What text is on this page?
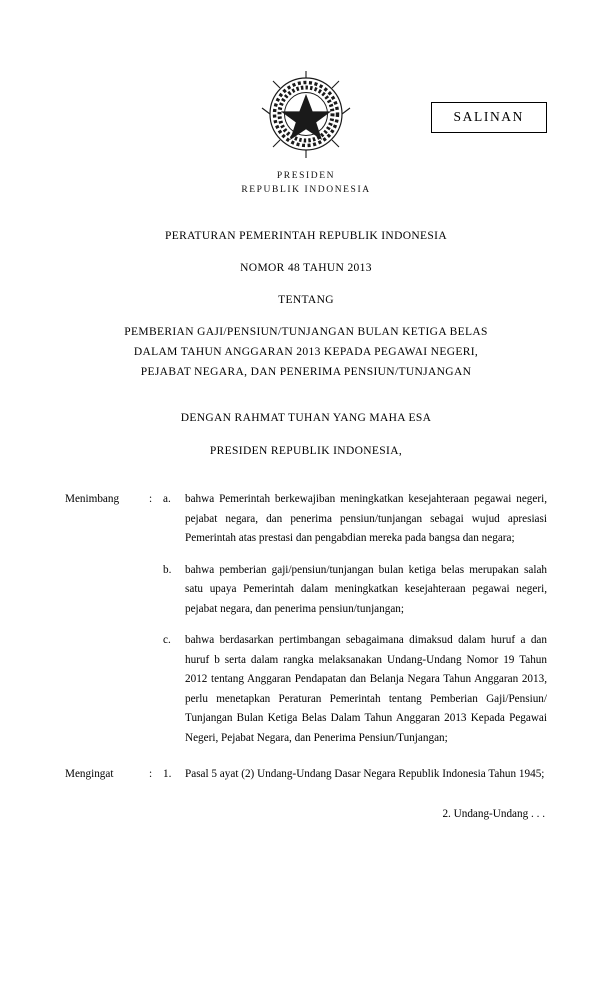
PRESIDEN
REPUBLIK INDONESIA
SALINAN
PERATURAN PEMERINTAH REPUBLIK INDONESIA
NOMOR 48 TAHUN 2013
TENTANG
PEMBERIAN GAJI/PENSIUN/TUNJANGAN BULAN KETIGA BELAS
DALAM TAHUN ANGGARAN 2013 KEPADA PEGAWAI NEGERI,
PEJABAT NEGARA, DAN PENERIMA PENSIUN/TUNJANGAN
DENGAN RAHMAT TUHAN YANG MAHA ESA
PRESIDEN REPUBLIK INDONESIA,
Menimbang	: a.	bahwa Pemerintah berkewajiban meningkatkan kesejahteraan pegawai negeri, pejabat negara, dan penerima pensiun/tunjangan sebagai wujud apresiasi Pemerintah atas prestasi dan pengabdian mereka pada bangsa dan negara;
b.	bahwa pemberian gaji/pensiun/tunjangan bulan ketiga belas merupakan salah satu upaya Pemerintah dalam meningkatkan kesejahteraan pegawai negeri, pejabat negara, dan penerima pensiun/tunjangan;
c.	bahwa berdasarkan pertimbangan sebagaimana dimaksud dalam huruf a dan huruf b serta dalam rangka melaksanakan Undang-Undang Nomor 19 Tahun 2012 tentang Anggaran Pendapatan dan Belanja Negara Tahun Anggaran 2013, perlu menetapkan Peraturan Pemerintah tentang Pemberian Gaji/Pensiun/ Tunjangan Bulan Ketiga Belas Dalam Tahun Anggaran 2013 Kepada Pegawai Negeri, Pejabat Negara, dan Penerima Pensiun/Tunjangan;
Mengingat	: 1.	Pasal 5 ayat (2) Undang-Undang Dasar Negara Republik Indonesia Tahun 1945;
2. Undang-Undang . . .
